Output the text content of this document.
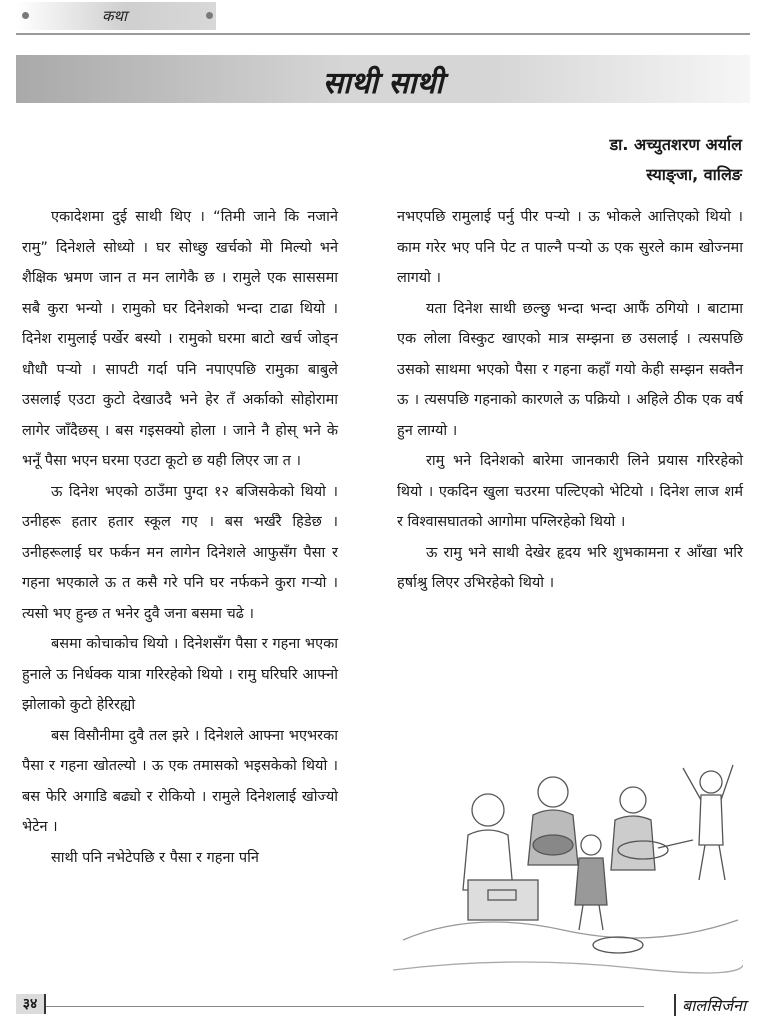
कथा
साथी साथी
डा. अच्युतशरण अर्याल
स्याङ्जा, वालिङ

एकादेशमा दुई साथी थिए । “तिमी जाने कि नजाने रामु” दिनेशले सोध्यो । घर सोध्छु खर्चको मेो मिल्यो भने शैक्षिक भ्रमण जान त मन लागेकै छ । रामुले एक साससमा सबै कुरा भन्यो । रामुको घर दिनेशको भन्दा टाढा थियो । दिनेश रामुलाई पर्खेर बस्यो । रामुको घरमा बाटो खर्च जोड्न धौधौ पऱ्यो । सापटी गर्दा पनि नपाएपछि रामुका बाबुले उसलाई एउटा कुटो देखाउदै भने हेर तँ अर्काको सोहोरामा लागेर जाँदैछस् । बस गइसक्यो होला । जाने नै होस् भने के भनूँ पैसा भएन घरमा एउटा कूटो छ यही लिएर जा त ।

ऊ दिनेश भएको ठाउँमा पुग्दा १२ बजिसकेको थियो । उनीहरू हतार हतार स्कूल गए । बस भर्खरै हिडेछ । उनीहरूलाई घर फर्कन मन लागेन दिनेशले आफुसँग पैसा र गहना भएकाले ऊ त कसै गरे पनि घर नर्फकने कुरा गऱ्यो । त्यसो भए हुन्छ त भनेर दुवै जना बसमा चढे ।

बसमा कोचाकोच थियो । दिनेशसँग पैसा र गहना भएका हुनाले ऊ निर्धक्क यात्रा गरिरहेको थियो । रामु घरिघरि आफ्नो झोलाको कुटो हेरिरह्यो

बस विसौनीमा दुवै तल झरे । दिनेशले आफ्ना भएभरका पैसा र गहना खोतल्यो । ऊ एक तमासको भइसकेको थियो । बस फेरि अगाडि बढ्यो र रोकियो । रामुले दिनेशलाई खोज्यो भेटेन ।

साथी पनि नभेटेपछि र पैसा र गहना पनि

नभएपछि रामुलाई पर्नु पीर पऱ्यो । ऊ भोकले आत्तिएको थियो । काम गरेर भए पनि पेट त पाल्नै पऱ्यो ऊ एक सुरले काम खोज्नमा लागयो ।

यता दिनेश साथी छल्छु भन्दा भन्दा आफैं ठगियो । बाटामा एक लोला विस्कुट खाएको मात्र सम्झना छ उसलाई । त्यसपछि उसको साथमा भएको पैसा र गहना कहाँ गयो केही सम्झन सक्तैन ऊ । त्यसपछि गहनाको कारणले ऊ पक्रियो । अहिले ठीक एक वर्ष हुन लाग्यो ।

रामु भने दिनेशको बारेमा जानकारी लिने प्रयास गरिरहेको थियो । एकदिन खुला चउरमा पल्टिएको भेटियो । दिनेश लाज शर्म र विश्वासघातको आगोमा पग्लिरहेको थियो ।

ऊ रामु भने साथी देखेर हृदय भरि शुभकामना र आँखा भरि हर्षाश्रु लिएर उभिरहेको थियो ।

३४	बालसिर्जना
